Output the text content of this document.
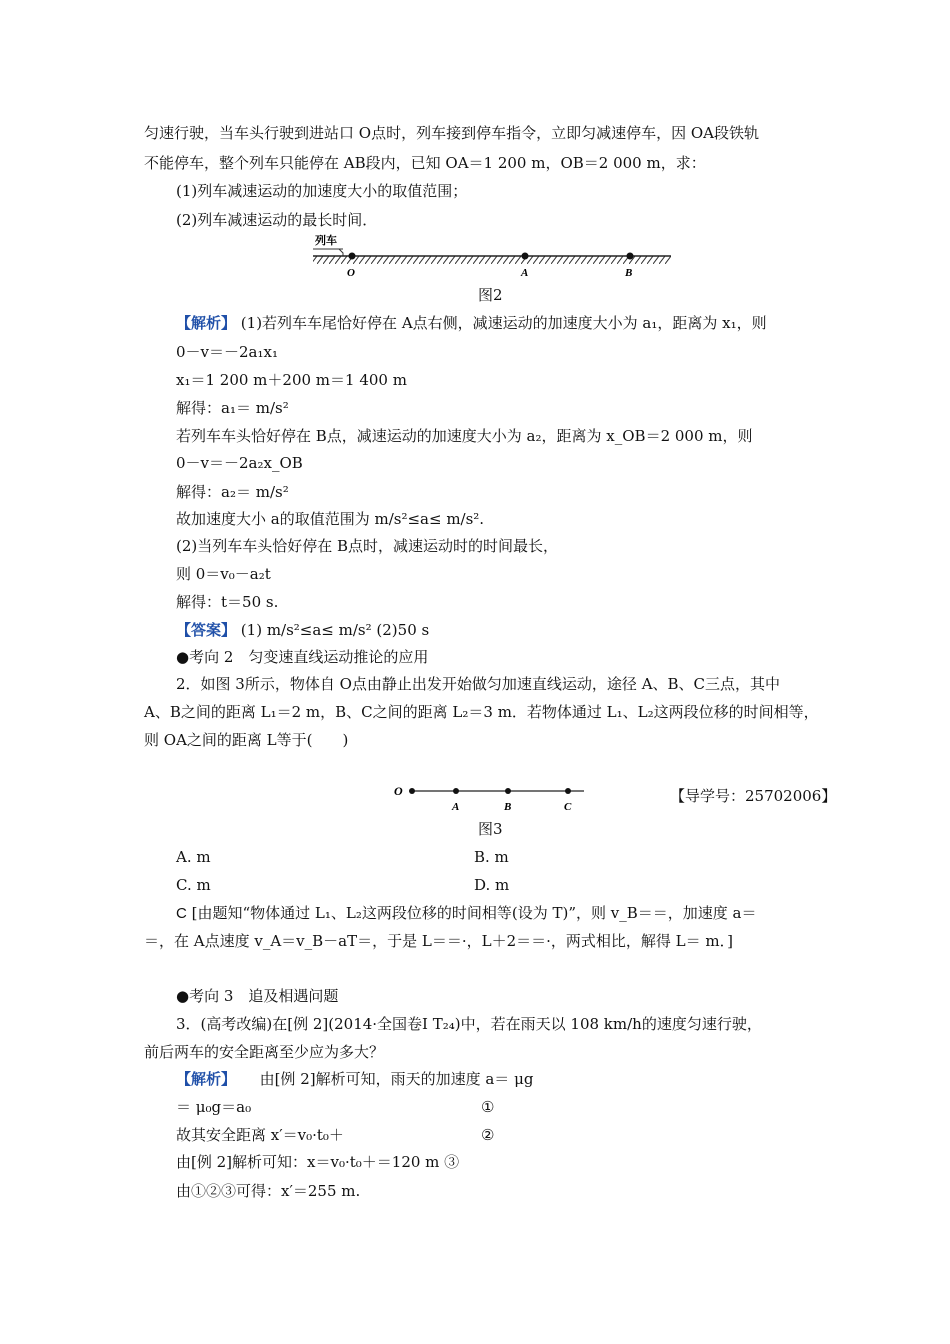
匀速行驶，当车头行驶到进站口 O点时，列车接到停车指令，立即匀减速停车，因 OA段铁轨
不能停车，整个列车只能停在 AB段内，已知 OA＝1 200 m，OB＝2 000 m，求：
(1)列车减速运动的加速度大小的取值范围；
(2)列车减速运动的最长时间．
列车
O	A	B
图2
【解析】 (1)若列车车尾恰好停在 A点右侧，减速运动的加速度大小为 a₁，距离为 x₁，则
0－v＝－2a₁x₁
x₁＝1 200 m＋200 m＝1 400 m
解得：a₁＝ m/s²
若列车车头恰好停在 B点，减速运动的加速度大小为 a₂，距离为 x_OB＝2 000 m，则
0－v＝－2a₂x_OB
解得：a₂＝ m/s²
故加速度大小 a的取值范围为 m/s²≤a≤ m/s².
(2)当列车车头恰好停在 B点时，减速运动时的时间最长，
则 0＝v₀－a₂t
解得：t＝50 s.
【答案】 (1) m/s²≤a≤ m/s² (2)50 s
●考向 2　匀变速直线运动推论的应用
2．如图 3所示，物体自 O点由静止出发开始做匀加速直线运动，途径 A、B、C三点，其中
A、B之间的距离 L₁＝2 m，B、C之间的距离 L₂＝3 m．若物体通过 L₁、L₂这两段位移的时间相等，
则 OA之间的距离 L等于(　　)
【导学号：25702006】
O
A	B	C
图3
A. m	B. m
C. m	D. m
C [由题知“物体通过 L₁、L₂这两段位移的时间相等(设为 T)”，则 v_B＝＝，加速度 a＝
＝，在 A点速度 v_A＝v_B－aT＝，于是 L＝＝·，L＋2＝＝·，两式相比，解得 L＝ m．]
●考向 3　追及相遇问题
3．(高考改编)在[例 2](2014·全国卷Ⅰ T₂₄)中，若在雨天以 108 km/h的速度匀速行驶，
前后两车的安全距离至少应为多大？
【解析】 由[例 2]解析可知，雨天的加速度 a＝ μg
＝ μ₀g＝a₀	①
故其安全距离 x′＝v₀·t₀＋	②
由[例 2]解析可知：x＝v₀·t₀＋＝120 m ③
由①②③可得：x′＝255 m.
